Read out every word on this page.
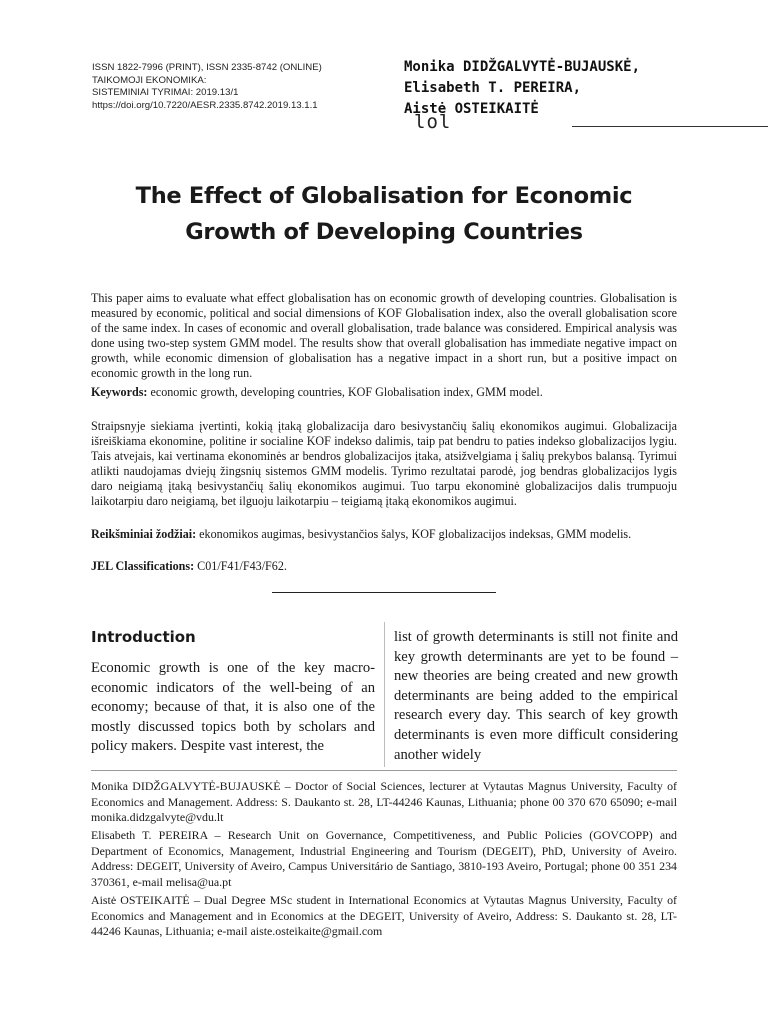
ISSN 1822-7996 (PRINT), ISSN 2335-8742 (ONLINE)
TAIKOMOJI EKONOMIKA:
SISTEMINIAI TYRIMAI: 2019.13/1
https://doi.org/10.7220/AESR.2335.8742.2019.13.1.1
Monika DIDŽGALVYTĖ-BUJAUSKĖ,
Elisabeth T. PEREIRA,
Aistė OSTEIKAITĖ
lol
The Effect of Globalisation for Economic
Growth of Developing Countries
This paper aims to evaluate what effect globalisation has on economic growth of developing countries. Globalisation is measured by economic, political and social dimensions of KOF Globalisation index, also the overall globalisation score of the same index. In cases of economic and overall globalisation, trade balance was considered. Empirical analysis was done using two-step system GMM model. The results show that overall globalisation has immediate negative impact on growth, while economic dimension of globalisation has a negative impact in a short run, but a positive impact on economic growth in the long run.
Keywords: economic growth, developing countries, KOF Globalisation index, GMM model.
Straipsnyje siekiama įvertinti, kokią įtaką globalizacija daro besivystančių šalių ekonomikos augimui. Globalizacija išreiškiama ekonomine, politine ir socialine KOF indekso dalimis, taip pat bendru to paties indekso globalizacijos lygiu. Tais atvejais, kai vertinama ekonominės ar bendros globalizacijos įtaka, atsižvelgiama į šalių prekybos balansą. Tyrimui atlikti naudojamas dviejų žingsnių sistemos GMM modelis. Tyrimo rezultatai parodė, jog bendras globalizacijos lygis daro neigiamą įtaką besivystančių šalių ekonomikos augimui. Tuo tarpu ekonominė globalizacijos dalis trumpuoju laikotarpiu daro neigiamą, bet ilguoju laikotarpiu – teigiamą įtaką ekonomikos augimui.
Reikšminiai žodžiai: ekonomikos augimas, besivystančios šalys, KOF globalizacijos indeksas, GMM modelis.
JEL Classifications: C01/F41/F43/F62.
Introduction
Economic growth is one of the key macro-economic indicators of the well-being of an economy; because of that, it is also one of the mostly discussed topics both by scholars and policy makers. Despite vast interest, the
list of growth determinants is still not finite and key growth determinants are yet to be found – new theories are being created and new growth determinants are being added to the empirical research every day. This search of key growth determinants is even more difficult considering another widely
Monika DIDŽGALVYTĖ-BUJAUSKĖ – Doctor of Social Sciences, lecturer at Vytautas Magnus University, Faculty of Economics and Management. Address: S. Daukanto st. 28, LT-44246 Kaunas, Lithuania; phone 00 370 670 65090; e-mail monika.didzgalvyte@vdu.lt
Elisabeth T. PEREIRA – Research Unit on Governance, Competitiveness, and Public Policies (GOVCOPP) and Department of Economics, Management, Industrial Engineering and Tourism (DEGEIT), PhD, University of Aveiro. Address: DEGEIT, University of Aveiro, Campus Universitário de Santiago, 3810-193 Aveiro, Portugal; phone 00 351 234 370361, e-mail melisa@ua.pt
Aistė OSTEIKAITĖ – Dual Degree MSc student in International Economics at Vytautas Magnus University, Faculty of Economics and Management and in Economics at the DEGEIT, University of Aveiro, Address: S. Daukanto st. 28, LT-44246 Kaunas, Lithuania; e-mail aiste.osteikaite@gmail.com
